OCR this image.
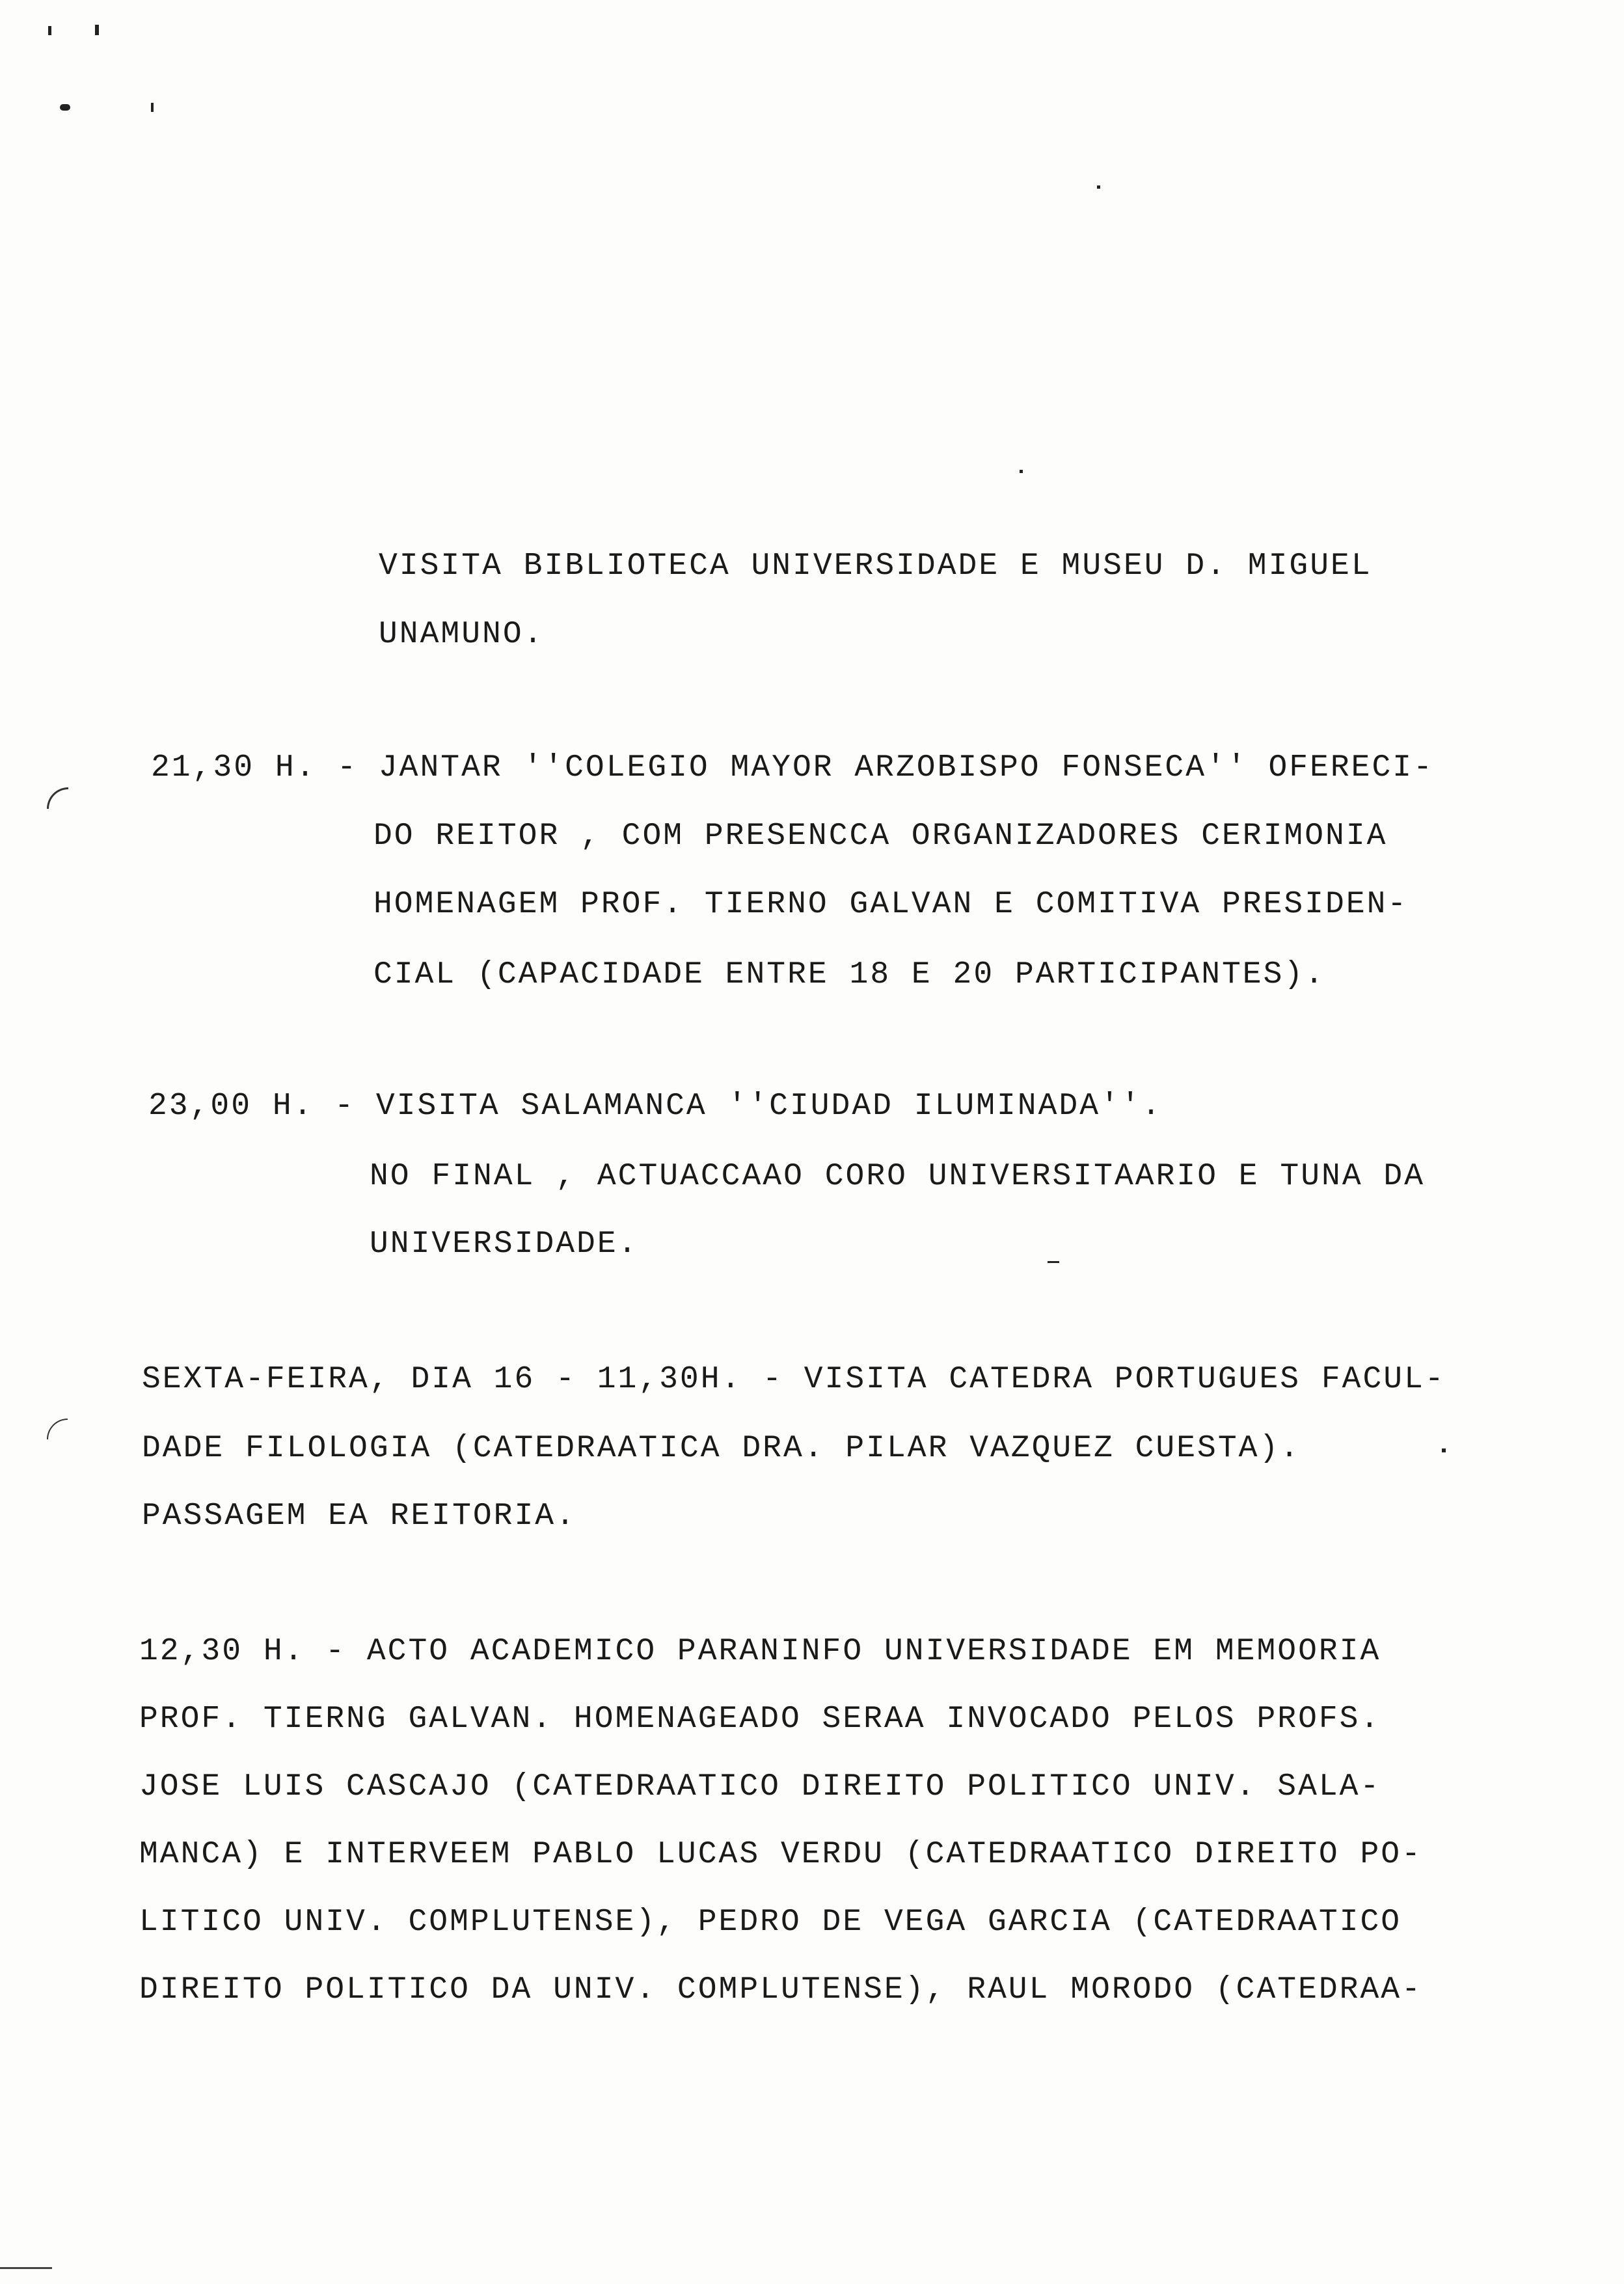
VISITA BIBLIOTECA UNIVERSIDADE E MUSEU D. MIGUEL
UNAMUNO.
21,30 H. - JANTAR ''COLEGIO MAYOR ARZOBISPO FONSECA'' OFERECI-
DO REITOR , COM PRESENCCA ORGANIZADORES CERIMONIA
HOMENAGEM PROF. TIERNO GALVAN E COMITIVA PRESIDEN-
CIAL (CAPACIDADE ENTRE 18 E 20 PARTICIPANTES).
23,00 H. - VISITA SALAMANCA ''CIUDAD ILUMINADA''.
NO FINAL , ACTUACCAAO CORO UNIVERSITAARIO E TUNA DA
UNIVERSIDADE.
SEXTA-FEIRA, DIA 16 - 11,30H. - VISITA CATEDRA PORTUGUES FACUL-
DADE FILOLOGIA (CATEDRAATICA DRA. PILAR VAZQUEZ CUESTA).
PASSAGEM EA REITORIA.
12,30 H. - ACTO ACADEMICO PARANINFO UNIVERSIDADE EM MEMOORIA
PROF. TIERNG GALVAN. HOMENAGEADO SERAA INVOCADO PELOS PROFS.
JOSE LUIS CASCAJO (CATEDRAATICO DIREITO POLITICO UNIV. SALA-
MANCA) E INTERVEEM PABLO LUCAS VERDU (CATEDRAATICO DIREITO PO-
LITICO UNIV. COMPLUTENSE), PEDRO DE VEGA GARCIA (CATEDRAATICO
DIREITO POLITICO DA UNIV. COMPLUTENSE), RAUL MORODO (CATEDRAA-
